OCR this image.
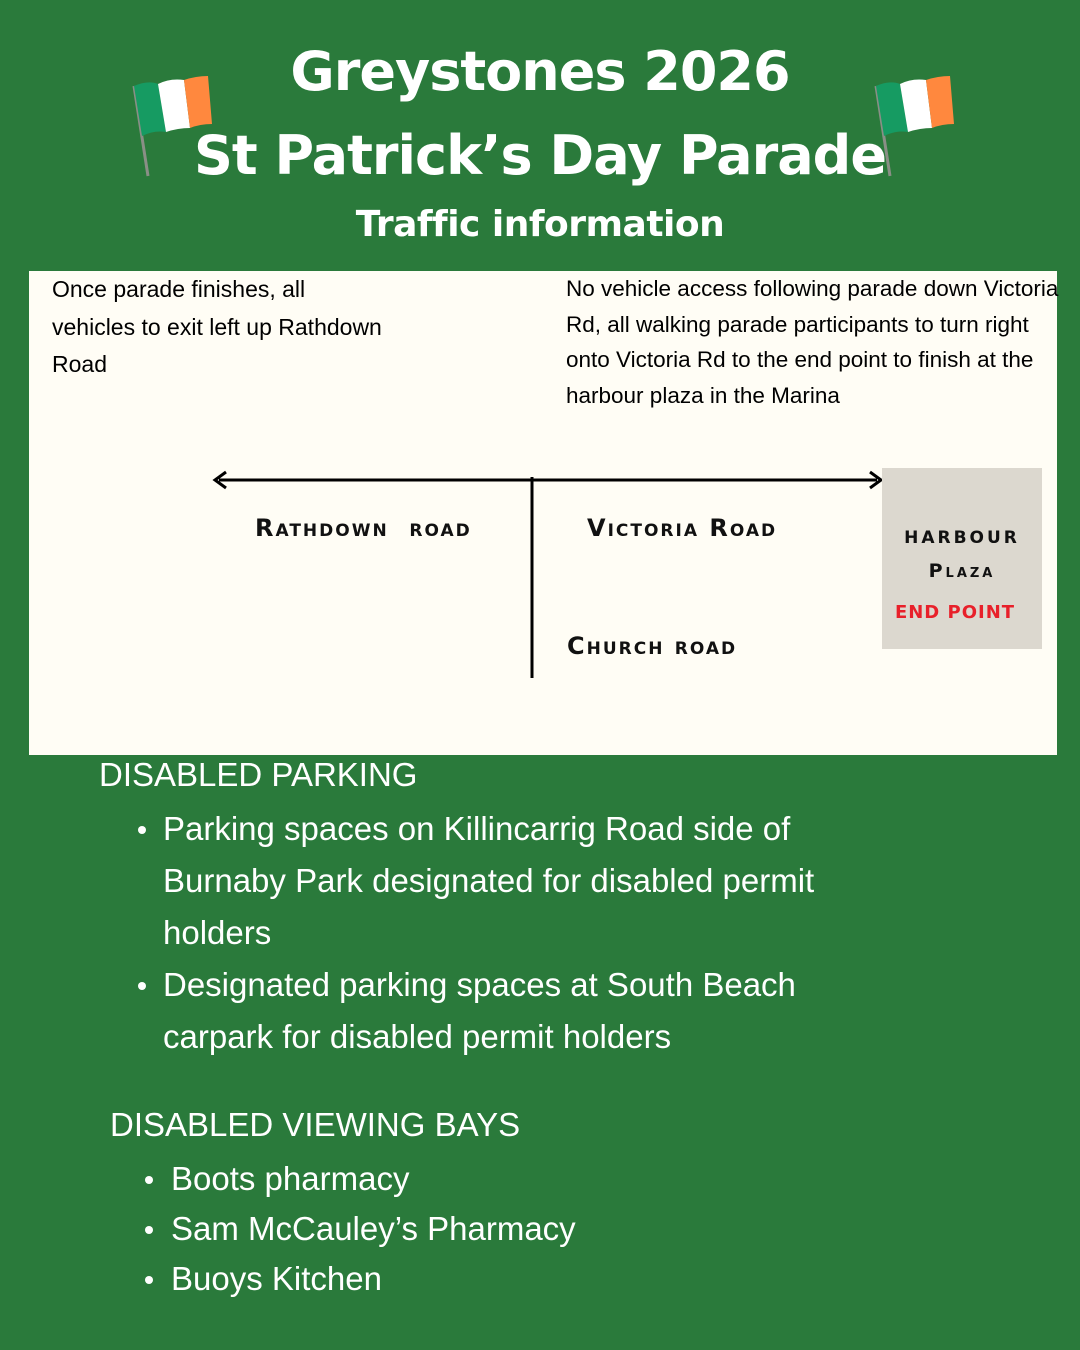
Greystones 2026
St Patrick’s Day Parade
Traffic information
Once parade finishes, all vehicles to exit left up Rathdown Road
No vehicle access following parade down Victoria Rd, all walking parade participants to turn right onto Victoria Rd to the end point to finish at the harbour plaza in the Marina
Rathdown  road	Victoria Road
Church road
HARBOUR
Plaza
END POINT
DISABLED PARKING
Parking spaces on Killincarrig Road side of Burnaby Park designated for disabled permit holders
Designated parking spaces at South Beach carpark for disabled permit holders
DISABLED VIEWING BAYS
Boots pharmacy
Sam McCauley’s Pharmacy
Buoys Kitchen
